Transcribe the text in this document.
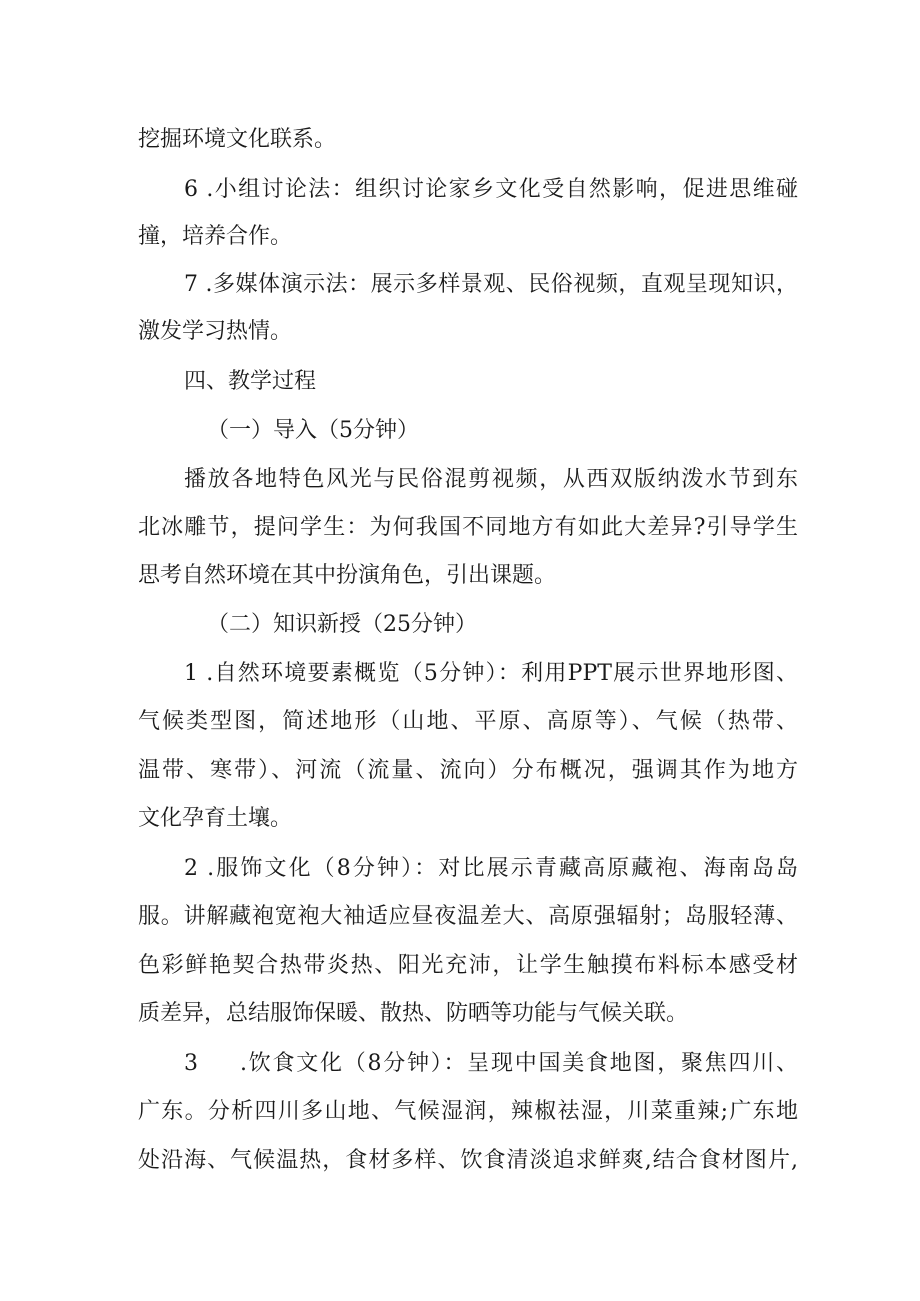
挖掘环境文化联系。
6 .小组讨论法：组织讨论家乡文化受自然影响，促进思维碰
撞，培养合作。
7 .多媒体演示法：展示多样景观、民俗视频，直观呈现知识，
激发学习热情。
四、教学过程
（一）导入（5分钟）
播放各地特色风光与民俗混剪视频，从西双版纳泼水节到东
北冰雕节，提问学生：为何我国不同地方有如此大差异?引导学生
思考自然环境在其中扮演角色，引出课题。
（二）知识新授（25分钟）
1 .自然环境要素概览（5分钟）：利用PPT展示世界地形图、
气候类型图，简述地形（山地、平原、高原等）、气候（热带、
温带、寒带）、河流（流量、流向）分布概况，强调其作为地方
文化孕育土壤。
2 .服饰文化（8分钟）：对比展示青藏高原藏袍、海南岛岛
服。讲解藏袍宽袍大袖适应昼夜温差大、高原强辐射；岛服轻薄、
色彩鲜艳契合热带炎热、阳光充沛，让学生触摸布料标本感受材
质差异，总结服饰保暖、散热、防晒等功能与气候关联。
3	.饮食文化（8分钟）：呈现中国美食地图，聚焦四川、
广东。分析四川多山地、气候湿润，辣椒祛湿，川菜重辣;广东地
处沿海、气候温热，食材多样、饮食清淡追求鲜爽,结合食材图片,
